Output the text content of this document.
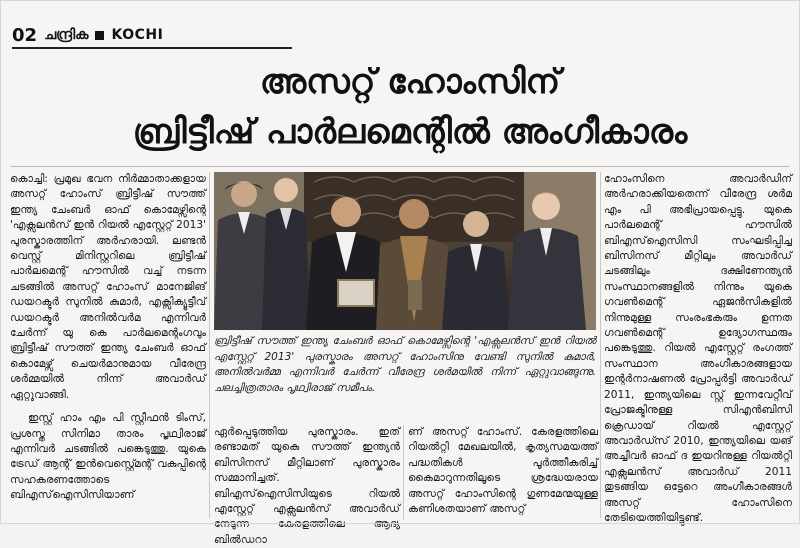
02 ചന്ദ്രിക KOCHI
അസറ്റ് ഹോംസിന്
ബ്രിട്ടീഷ് പാർലമെന്റിൽ അംഗീകാരം

കൊച്ചി: പ്രമുഖ ഭവന നിർമ്മാതാക്കളായ അസറ്റ് ഹോംസ് ബ്രിട്ടീഷ് സൗത്ത് ഇന്ത്യ ചേംബർ ഓഫ് കൊമേഴ്സിന്റെ 'എക്സലൻസ് ഇൻ റിയൽ എസ്റ്റേറ്റ് 2013' പുരസ്കാരത്തിന് അർഹരായി. ലണ്ടൻ വെസ്റ്റ് മിനിസ്റ്ററിലെ ബ്രിട്ടീഷ് പാർലമെന്റ് ഹൗസിൽ വച്ച് നടന്ന ചടങ്ങിൽ അസറ്റ് ഹോംസ് മാനേജിങ് ഡയറക്ടർ സുനിൽ കുമാർ, എക്സിക്യൂട്ടീവ് ഡയറക്ടർ അനിൽവർമ എന്നിവർ ചേർന്ന് യു കെ പാർലമെന്റംഗവും ബ്രിട്ടീഷ് സൗത്ത് ഇന്ത്യ ചേംബർ ഓഫ് കൊമേഴ്സ് ചെയർമാനുമായ വീരേന്ദ്ര ശർമ്മയിൽ നിന്ന് അവാർഡ് ഏറ്റുവാങ്ങി.

ഇസ്റ്റ് ഹാം എം പി സ്റ്റീഫൻ ടിംസ്, പ്രശസ്ത സിനിമാ താരം പൃഥ്വിരാജ് എന്നിവർ ചടങ്ങിൽ പങ്കെടുത്തു. യുകെ ട്രേഡ് ആന്റ് ഇൻവെസ്റ്റ്മെന്റ് വകുപ്പിന്റെ സഹകരണത്തോടെ ബിഎസ്ഐസിസിയാണ്

ബ്രിട്ടീഷ് സൗത്ത് ഇന്ത്യ ചേംബർ ഓഫ് കൊമേഴ്സിന്റെ 'എക്സലൻസ് ഇൻ റിയൽ എസ്റ്റേറ്റ് 2013' പുരസ്കാരം അസറ്റ് ഹോംസിനു വേണ്ടി സുനിൽ കുമാർ, അനിൽവർമ്മ എന്നിവർ ചേർന്ന് വീരേന്ദ്ര ശർമയിൽ നിന്ന് ഏറ്റുവാങ്ങുന്നു. ചലച്ചിത്രതാരം പൃഥ്വിരാജ് സമീപം.

ഏർപ്പെടുത്തിയ പുരസ്കാരം. ഇത് രണ്ടാമത് യുകെ സൗത്ത് ഇന്ത്യൻ ബിസിനസ് മീറ്റിലാണ് പുരസ്കാരം സമ്മാനിച്ചത്. ബിഎസ്ഐസിസിയുടെ റിയൽ എസ്റ്റേറ്റ് എക്സലൻസ് അവാർഡ് നേടുന്ന കേരളത്തിലെ ആദ്യ ബിൽഡറാ

ണ് അസറ്റ് ഹോംസ്. കേരളത്തിലെ റിയൽറ്റി മേഖലയിൽ, കൃത്യസമയത്ത് പദ്ധതികൾ പൂർത്തീകരിച്ച് കൈമാറുന്നതിലൂടെ ശ്രദ്ധേയരായ അസറ്റ് ഹോംസിന്റെ ഗുണമേന്മയുള്ള കണിശതയാണ് അസറ്റ്

ഹോംസിനെ അവാർഡിന് അർഹരാക്കിയതെന്ന് വീരേന്ദ്ര ശർമ എം പി അഭിപ്രായപ്പെട്ടു. യുകെ പാർലമെന്റ് ഹൗസിൽ ബിഎസ്ഐസിസി സംഘടിപ്പിച്ച ബിസിനസ് മീറ്റിലും അവാർഡ് ചടങ്ങിലും ദക്ഷിണേന്ത്യൻ സംസ്ഥാനങ്ങളിൽ നിന്നും യുകെ ഗവൺമെന്റ് ഏജൻസികളിൽ നിന്നുമുള്ള സംരംഭകരും ഉന്നത ഗവൺമെന്റ് ഉദ്യോഗസ്ഥരും പങ്കെടുത്തു. റിയൽ എസ്റ്റേറ്റ് രംഗത്ത് സംസ്ഥാന അംഗീകാരങ്ങളായ ഇന്റർനാഷണൽ പ്രോപ്പർട്ടി അവാർഡ് 2011, ഇന്ത്യയിലെ സ്റ്റ് ഇന്നവേറ്റീവ് പ്രോജക്ടിനുള്ള സിഎൻബിസി ക്രെഡായ് റിയൽ എസ്റ്റേറ്റ് അവാർഡ്സ് 2010, ഇന്ത്യയിലെ യങ് അച്ചീവർ ഓഫ് ദ ഇയറിനുള്ള റിയൽറ്റി എക്സലൻസ് അവാർഡ് 2011 തുടങ്ങിയ ഒട്ടേറെ അംഗീകാരങ്ങൾ അസറ്റ് ഹോംസിനെ തേടിയെത്തിയിട്ടുണ്ട്.
